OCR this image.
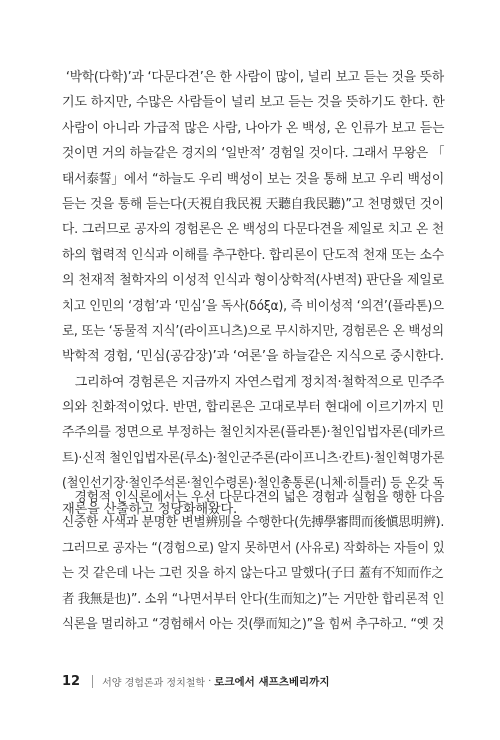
‘박학(다학)’과 ‘다문다견’은 한 사람이 많이, 널리 보고 듣는 것을 뜻하
기도 하지만, 수많은 사람들이 널리 보고 듣는 것을 뜻하기도 한다. 한
사람이 아니라 가급적 많은 사람, 나아가 온 백성, 온 인류가 보고 듣는
것이면 거의 하늘같은 경지의 ‘일반적’ 경험일 것이다. 그래서 무왕은 「
태서泰誓」에서 “하늘도 우리 백성이 보는 것을 통해 보고 우리 백성이
듣는 것을 통해 듣는다(天視自我民視 天聽自我民聽)”고 천명했던 것이
다. 그러므로 공자의 경험론은 온 백성의 다문다견을 제일로 치고 온 천
하의 협력적 인식과 이해를 추구한다. 합리론이 단도적 천재 또는 소수
의 천재적 철학자의 이성적 인식과 형이상학적(사변적) 판단을 제일로
치고 인민의 ‘경험’과 ‘민심’을 독사(δόξα), 즉 비이성적 ‘의견’(플라톤)으
로, 또는 ‘동물적 지식’(라이프니츠)으로 무시하지만, 경험론은 온 백성의
박학적 경험, ‘민심(공감장)’과 ‘여론’을 하늘같은 지식으로 중시한다.
그리하여 경험론은 지금까지 자연스럽게 정치적·철학적으로 민주주
의와 친화적이었다. 반면, 합리론은 고대로부터 현대에 이르기까지 민
주주의를 정면으로 부정하는 철인치자론(플라톤)·철인입법자론(데카르
트)·신적 철인입법자론(루소)·철인군주론(라이프니츠·칸트)·철인혁명가론
(철인선기장·철인주석론·철인수령론)·철인총통론(니체·히틀러) 등 온갖 독
재론을 산출하고 정당화해왔다.
경험적 인식론에서는 우선 다문다견의 넓은 경험과 실험을 행한 다음
신중한 사색과 분명한 변별辨別을 수행한다(先搏學審問而後愼思明辨).
그러므로 공자는 “(경험으로) 알지 못하면서 (사유로) 작화하는 자들이 있
는 것 같은데 나는 그런 짓을 하지 않는다고 말했다(子曰 蓋有不知而作之
者 我無是也)”. 소위 “나면서부터 안다(生而知之)”는 거만한 합리론적 인
식론을 멀리하고 “경험해서 아는 것(學而知之)”을 힘써 추구하고. “옛 것
12 서양 경험론과 정치철학 · 로크에서 섀프츠베리까지
